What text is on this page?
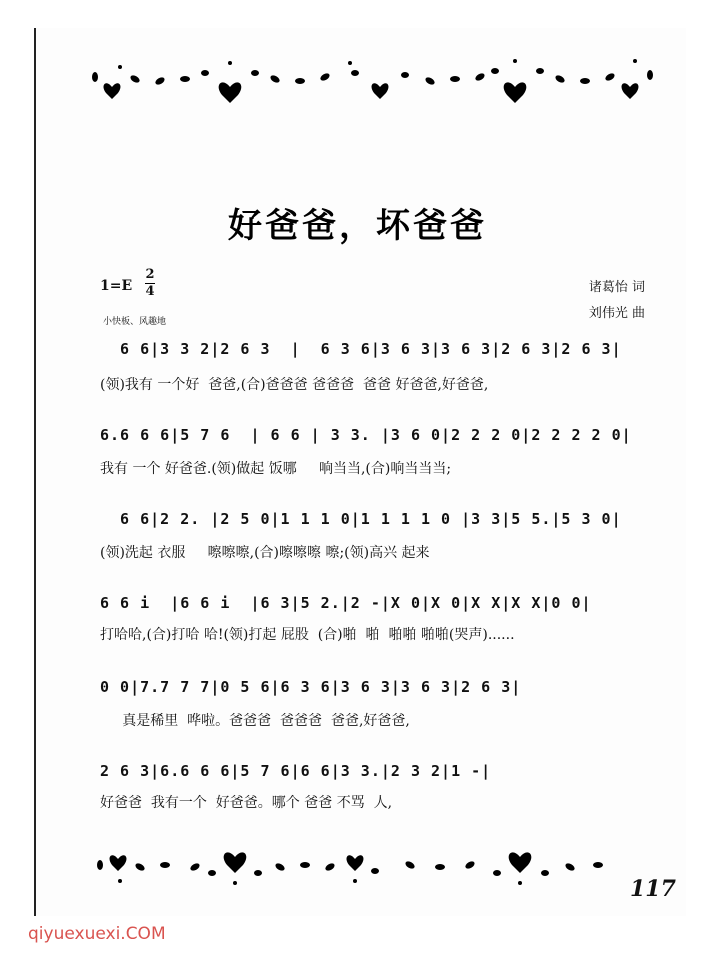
好爸爸，坏爸爸
1=E
2
4
小快板、风趣地
诸葛怡 词
刘伟光 曲
6 6|3 3 2|2 6 3  |  6 3 6|3 6 3|3 6 3|2 6 3|2 6 3|
(领)我有 一个好  爸爸,(合)爸爸爸 爸爸爸  爸爸 好爸爸,好爸爸,
6.6 6 6|5 7 6  | 6 6 | 3 3. |3 6 0|2 2 2 0|2 2 2 2 0|
我有 一个 好爸爸.(领)做起 饭哪     响当当,(合)响当当当;
6 6|2 2. |2 5 0|1 1 1 0|1 1 1 1 0 |3 3|5 5.|5 3 0|
(领)洗起 衣服     嚓嚓嚓,(合)嚓嚓嚓 嚓;(领)高兴 起来
6 6 i  |6 6 i  |6 3|5 2.|2 -|X 0|X 0|X X|X X|0 0|
打哈哈,(合)打哈 哈!(领)打起 屁股  (合)啪  啪  啪啪 啪啪(哭声)......
0 0|7.7 7 7|0 5 6|6 3 6|3 6 3|3 6 3|2 6 3|
真是稀里  哗啦。爸爸爸  爸爸爸  爸爸,好爸爸,
2 6 3|6.6 6 6|5 7 6|6 6|3 3.|2 3 2|1 -|
好爸爸  我有一个  好爸爸。哪个 爸爸 不骂  人,
117
qiyuexuexi.COM
